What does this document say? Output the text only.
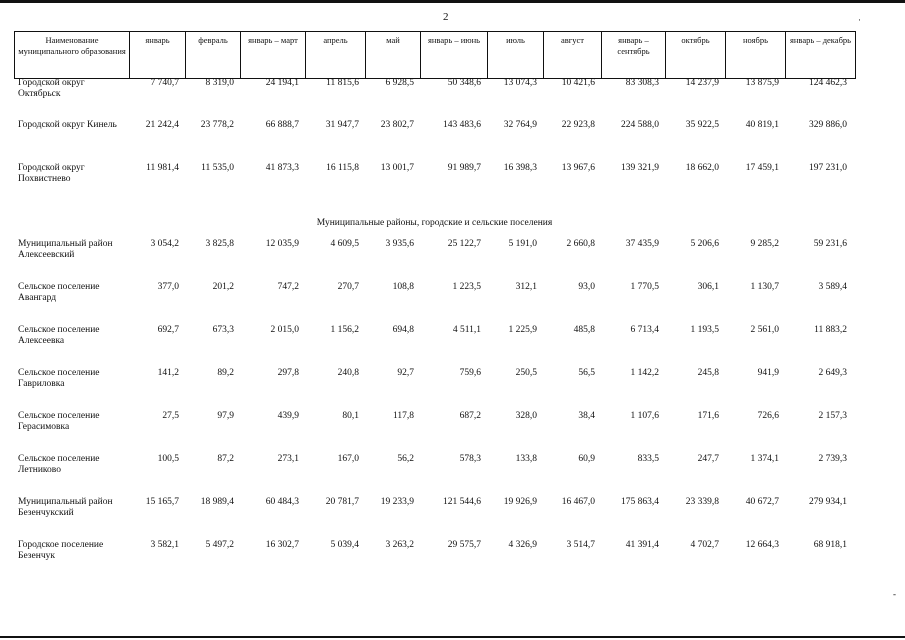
2	·
-
Наименование муниципального образования	январь	февраль	январь – март	апрель	май	январь – июнь	июль	август	январь – сентябрь	октябрь	ноябрь	январь – декабрь
Городской округ Октябрьск	7 740,7	8 319,0	24 194,1	11 815,6	6 928,5	50 348,6	13 074,3	10 421,6	83 308,3	14 237,9	13 875,9	124 462,3
Городской округ Кинель	21 242,4	23 778,2	66 888,7	31 947,7	23 802,7	143 483,6	32 764,9	22 923,8	224 588,0	35 922,5	40 819,1	329 886,0
Городской округ Похвистнево	11 981,4	11 535,0	41 873,3	16 115,8	13 001,7	91 989,7	16 398,3	13 967,6	139 321,9	18 662,0	17 459,1	197 231,0
Муниципальные районы, городские и сельские поселения												
Муниципальный район Алексеевский	3 054,2	3 825,8	12 035,9	4 609,5	3 935,6	25 122,7	5 191,0	2 660,8	37 435,9	5 206,6	9 285,2	59 231,6
Сельское поселение Авангард	377,0	201,2	747,2	270,7	108,8	1 223,5	312,1	93,0	1 770,5	306,1	1 130,7	3 589,4
Сельское поселение Алексеевка	692,7	673,3	2 015,0	1 156,2	694,8	4 511,1	1 225,9	485,8	6 713,4	1 193,5	2 561,0	11 883,2
Сельское поселение Гавриловка	141,2	89,2	297,8	240,8	92,7	759,6	250,5	56,5	1 142,2	245,8	941,9	2 649,3
Сельское поселение Герасимовка	27,5	97,9	439,9	80,1	117,8	687,2	328,0	38,4	1 107,6	171,6	726,6	2 157,3
Сельское поселение Летниково	100,5	87,2	273,1	167,0	56,2	578,3	133,8	60,9	833,5	247,7	1 374,1	2 739,3
Муниципальный район Безенчукский	15 165,7	18 989,4	60 484,3	20 781,7	19 233,9	121 544,6	19 926,9	16 467,0	175 863,4	23 339,8	40 672,7	279 934,1
Городское поселение Безенчук	3 582,1	5 497,2	16 302,7	5 039,4	3 263,2	29 575,7	4 326,9	3 514,7	41 391,4	4 702,7	12 664,3	68 918,1
